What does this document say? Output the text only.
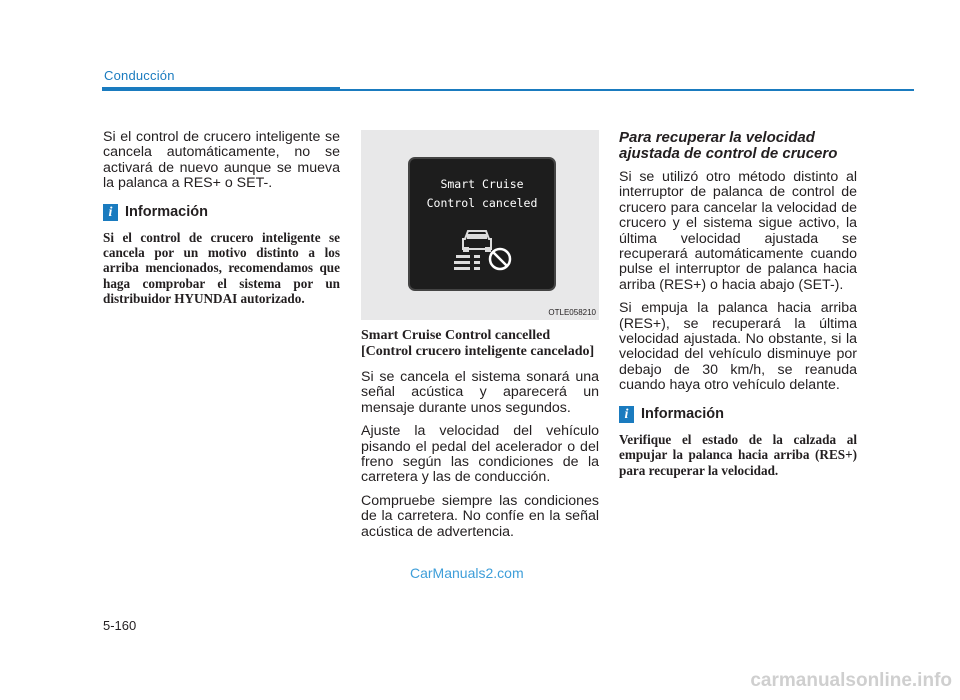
Conducción

Si el control de crucero inteligente se cancela automáticamente, no se activará de nuevo aunque se mueva la palanca a RES+ o SET-.

i Información

Si el control de crucero inteligente se cancela por un motivo distinto a los arriba mencionados, recomendamos que haga comprobar el sistema por un distribuidor HYUNDAI autorizado.

Smart Cruise
Control canceled
OTLE058210

Smart Cruise Control cancelled [Control crucero inteligente cancelado]

Si se cancela el sistema sonará una señal acústica y aparecerá un mensaje durante unos segundos.

Ajuste la velocidad del vehículo pisando el pedal del acelerador o del freno según las condiciones de la carretera y las de conducción.

Compruebe siempre las condiciones de la carretera. No confíe en la señal acústica de advertencia.

Para recuperar la velocidad ajustada de control de crucero

Si se utilizó otro método distinto al interruptor de palanca de control de crucero para cancelar la velocidad de crucero y el sistema sigue activo, la última velocidad ajustada se recuperará automáticamente cuando pulse el interruptor de palanca hacia arriba (RES+) o hacia abajo (SET-).

Si empuja la palanca hacia arriba (RES+), se recuperará la última velocidad ajustada. No obstante, si la velocidad del vehículo disminuye por debajo de 30 km/h, se reanuda cuando haya otro vehículo delante.

i Información

Verifique el estado de la calzada al empujar la palanca hacia arriba (RES+) para recuperar la velocidad.

CarManuals2.com
5-160
carmanualsonline.info
